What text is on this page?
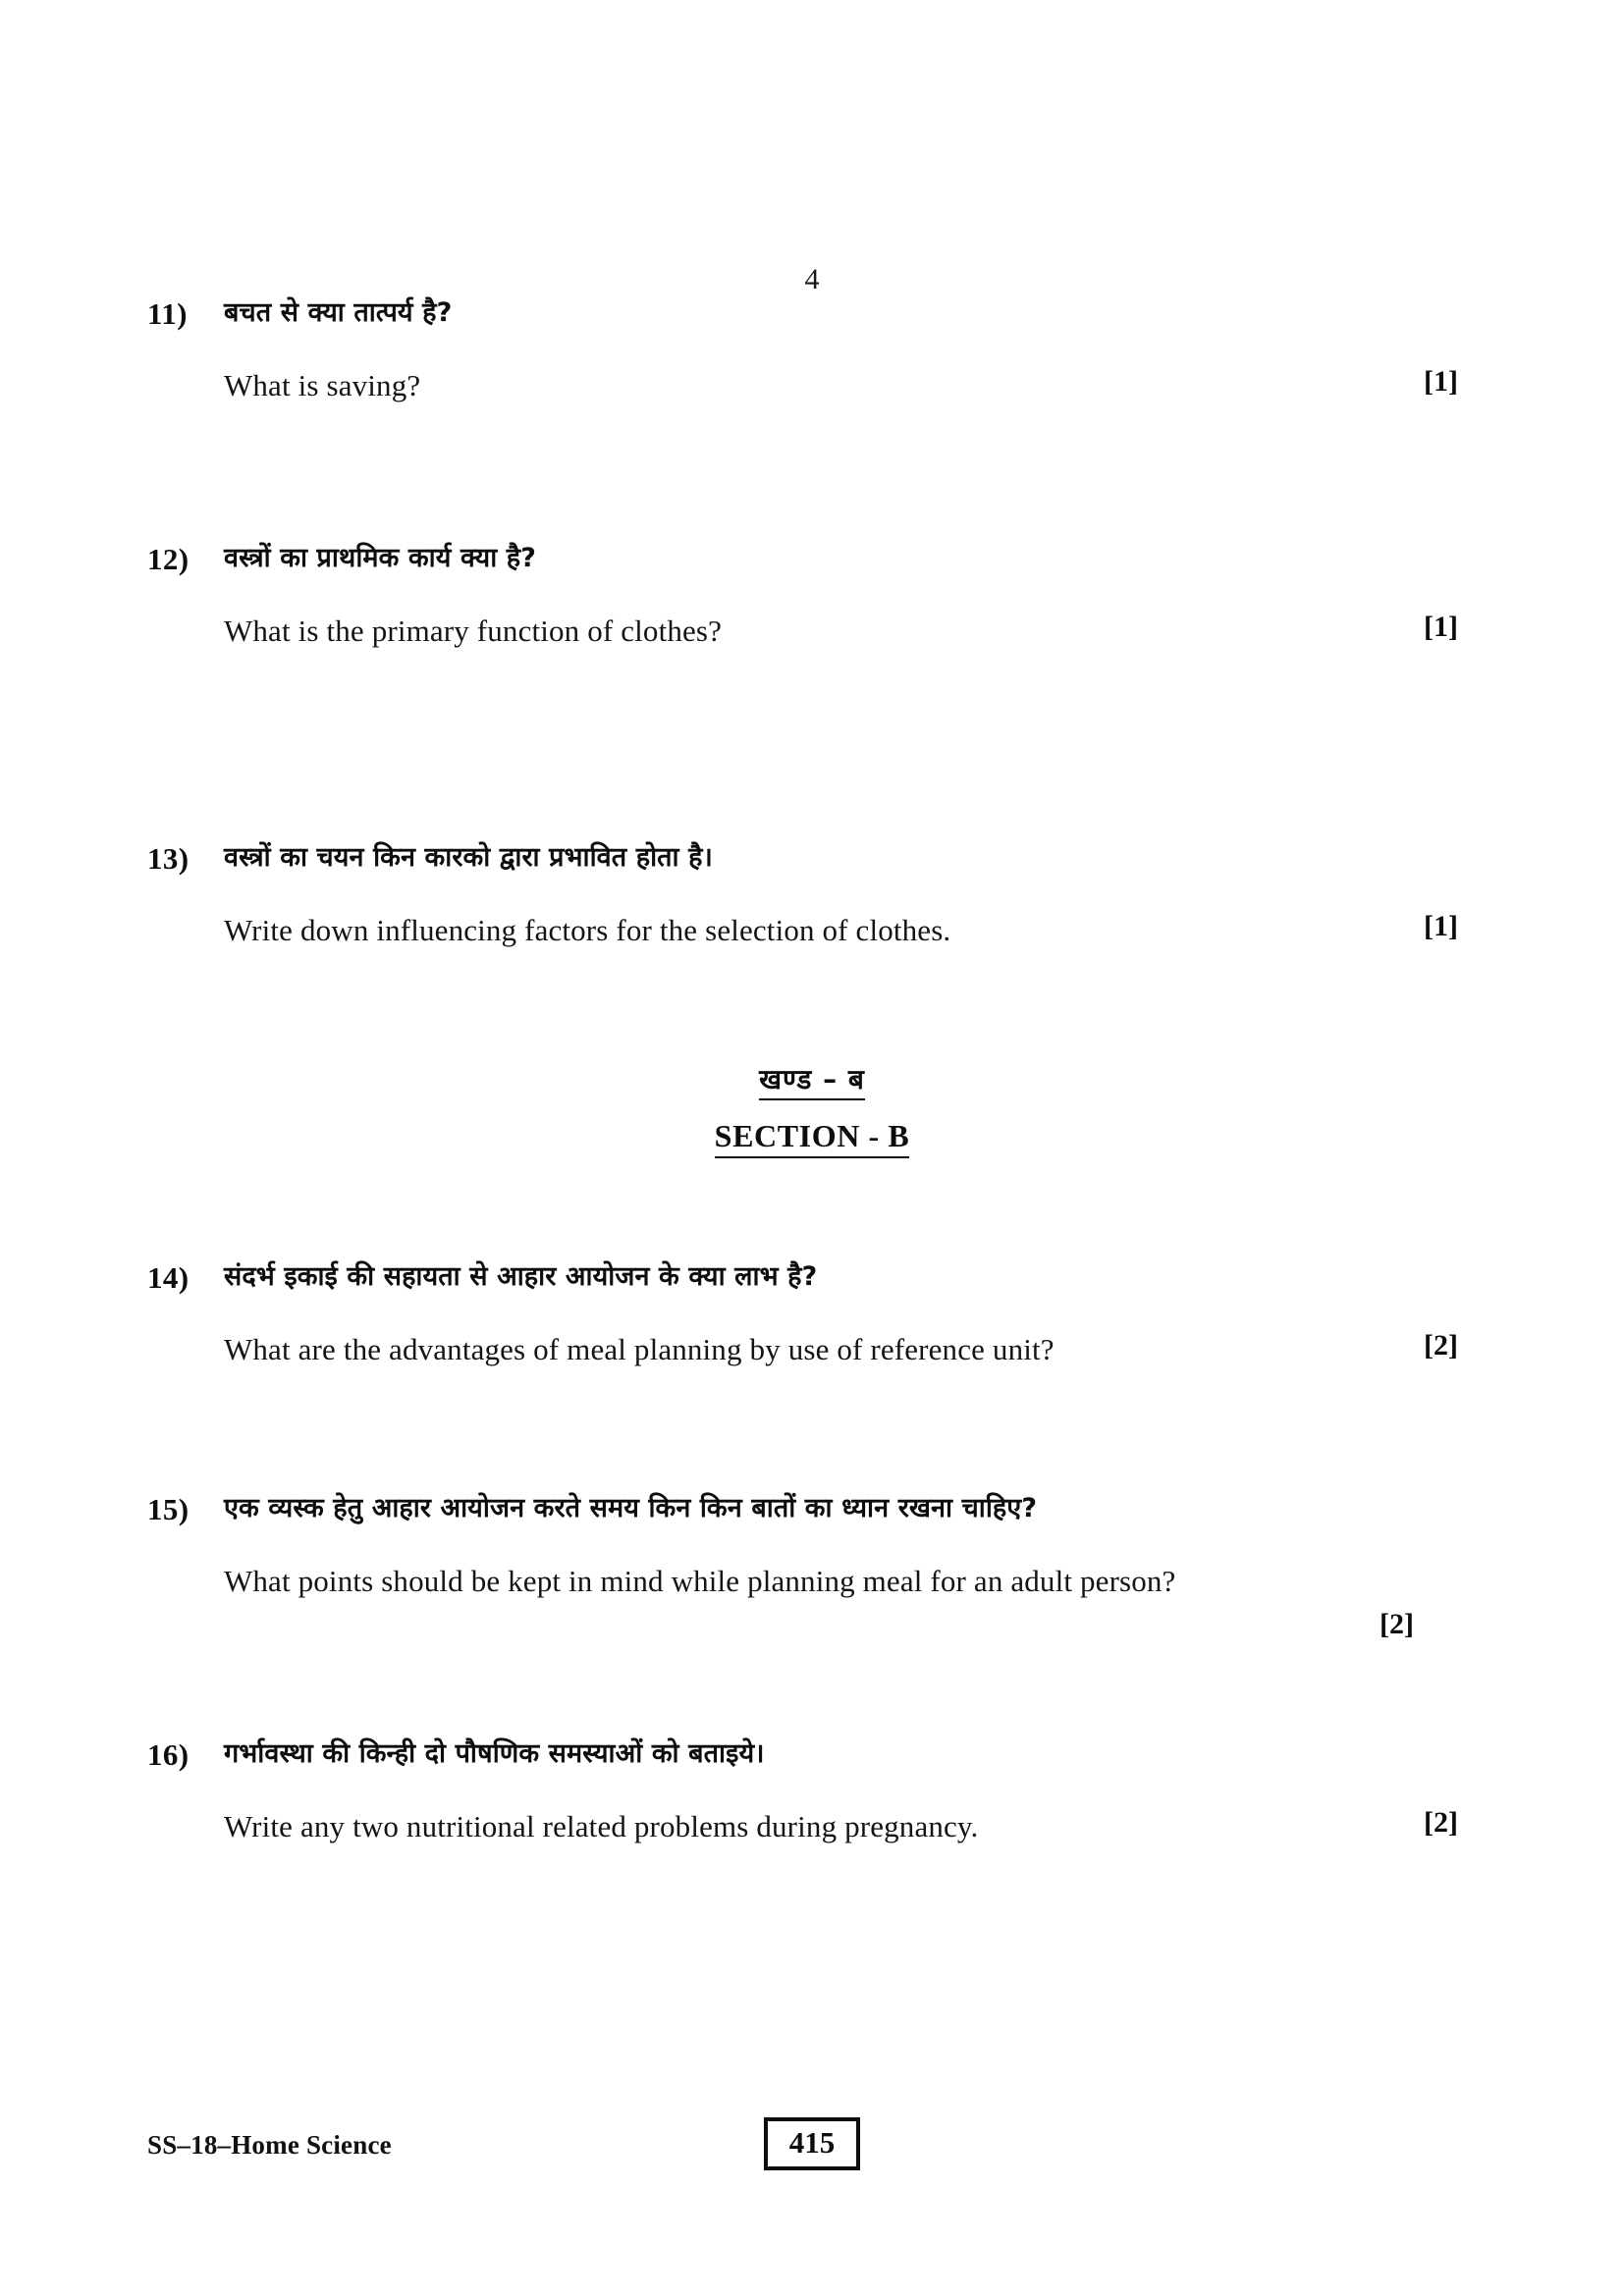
4
11)	बचत से क्या तात्पर्य है?
What is saving?	[1]
12)	वस्त्रों का प्राथमिक कार्य क्या है?
What is the primary function of clothes?	[1]
13)	वस्त्रों का चयन किन कारको द्वारा प्रभावित होता है।
Write down influencing factors for the selection of clothes.	[1]
खण्ड – ब
SECTION - B
14)	संदर्भ इकाई की सहायता से आहार आयोजन के क्या लाभ है?
What are the advantages of meal planning by use of reference unit?	[2]
15)	एक व्यस्क हेतु आहार आयोजन करते समय किन किन बातों का ध्यान रखना चाहिए?
What points should be kept in mind while planning meal for an adult person?
[2]
16)	गर्भावस्था की किन्ही दो पौषणिक समस्याओं को बताइये।
Write any two nutritional related problems during pregnancy.	[2]
SS–18–Home Science	415
